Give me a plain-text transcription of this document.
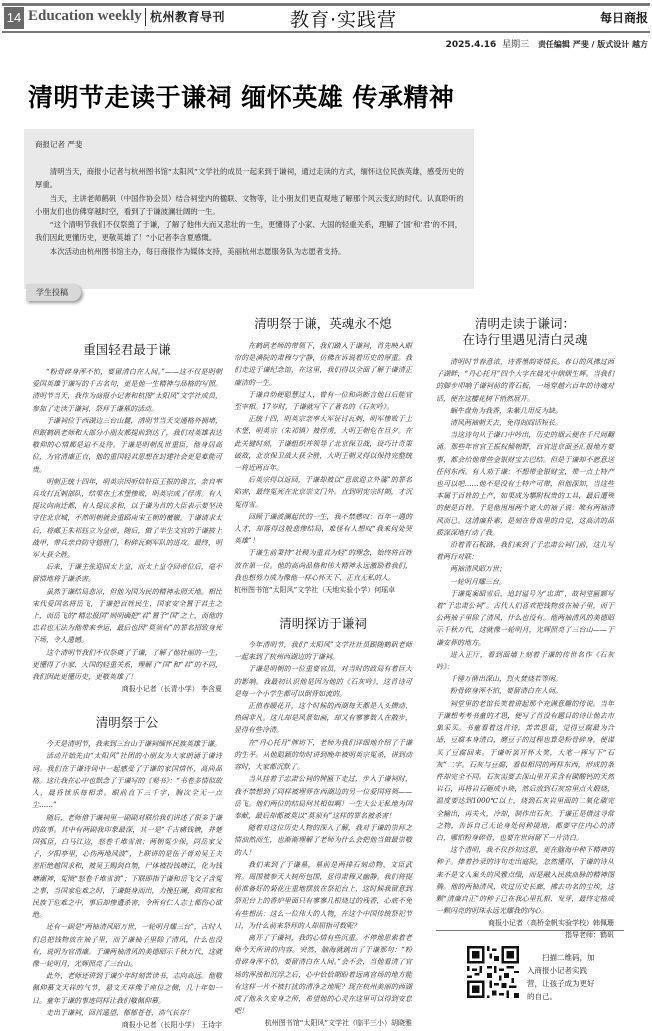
14 Education weekly 杭州教育导刊	教育·实践营	每日商报
2025.4.16 星期三 责任编辑 严斐 / 版式设计 越方
清明节走读于谦祠 缅怀英雄 传承精神
商报记者 严斐

清明当天，商报小记者与杭州图书馆“太阳风”文学社的成员一起来到于谦祠，通过走读的方式，缅怀这位民族英雄，感受历史的厚重。

当天，主讲老师鹤矾（中国作协会员）结合祠堂内的楹联、文物等，让小朋友们更直观地了解那个风云变幻的时代。认真聆听的小朋友们也仿佛穿越时空，看到了于谦波澜壮阔的一生。

“这个清明节我们不仅祭奠了于谦，了解了他伟大而又悲壮的一生，更懂得了小家、大国的轻重关系，理解了‘国’和‘君’的不同，我们因此更懂历史，更敬英雄了！”小记者李含夏感慨。

本次活动由杭州图书馆主办，每日商报作为媒体支持，美丽杭州志愿服务队为志愿者支持。

学生投稿
重国轻君最于谦

“粉骨碎身浑不怕，要留清白在人间。”——这不仅是明朝爱国英雄于谦写的千古名句，更是他一生精神与品格的写照。清明节当天，我作为商报小记者和杭图“太阳风”文学社成员，参加了走读于谦祠、祭拜于谦墓的活动。

于谦祠位于西湖边三台山麓，清明节当天交通格外拥堵，但跟鹤矾老师和大部分小朋友都提前到达了，我们对英雄表达敬仰的心情都是迫不及待。于谦是明朝乱世重臣，他身居高位，为官清廉正直，他的重国轻君思想在封建社会更是难能可贵。

明朝正统十四年，明英宗因听信奸臣王振的谗言，亲自率兵攻打瓦剌部队，结果在土木堡惨败，明英宗成了俘虏。有人提议向南迁都，有人提议求和，以于谦为首的大臣表示要坚决守住北京城，不然明朝就会重蹈南宋王朝的覆辙。于谦请求太后，将郕王朱祁钰立为皇帝。随后，做了半生文官的于谦披上战甲，带兵亲自防守德胜门，粉碎瓦剌军队的进攻。最终，明军大获全胜。

后来，于谦主张迎回太上皇，而太上皇夺回帝位后，毫不留情地将于谦杀害。

虽然于谦结局悲凉，但他为国为民的精神永照天地。相比宋代爱国名将岳飞，于谦把百姓民生、国家安全置于君主之上，而岳飞的“精忠报国”则明确把“君”置于“国”之上，而他的忠君也无法为他带来幸运，最后也因“莫须有”的罪名招致身死下场，令人遗憾。

这个清明节我们不仅祭奠了于谦，了解了他壮丽的一生，更懂得了小家、大国的轻重关系，理解了“国”和“君”的不同，我们因此更懂历史，更敬英雄了！

商报小记者（长青小学） 李含夏
清明祭于公

今天是清明节，我来到三台山于谦祠缅怀民族英雄于谦。

活动开始先由“太阳风”社团的小朋友为大家朗诵于谦诗词。我们在于谦诗词中一起感受了于谦的家国情怀，高尚品格。这让我在心中也默念了于谦写的《观书》：“书卷多情似故人，晨昏忧乐每相亲。眼前直下三千字，胸次全无一点尘……”

随后，老师借于谦祠里一副副对联给我们讲述了很多于谦的故事。其中有两副我印象最深，其一是“千古痛钱塘，并楚国孤臣，白马江边，怒卷千堆雪浪；两朝冤少保，同岳家父子，夕阳亭里，心伤两地风波”，上联讲的是伍子胥劝吴王夫差拒绝越国求和，被吴王赐剑自刎，尸体被投钱塘江，化为钱塘潮神，冤愤“怒卷千堆雪浪”；下联即指于谦和岳飞父子含冤之事，当国家危难之时，于谦挺身而出，力挽狂澜，救国家和民族于危难之中，事后却惨遭杀害，令所有仁人志士都伤心欲绝。

还有一副是“两袖清风昭万世，一轮明月耀三台”，古时人们总把钱物放在袖子里，而于谦袖子里除了清风，什么也没有，说明为官清廉。于谦两袖清风的美德昭示千秋万代，这就像一轮明月，光辉照亮了三台山。

此外，老师还讲到于谦少年时刻苦读书，志向高远。他敬佩仰慕文天祥的气节，悬文天祥像于座位之侧，几十年如一日。童年于谦的事迹同样让我们敬佩仰慕。

走出于谦祠，回首遥望，郁郁苍苍，浩气长存！

商报小记者（长阳小学） 王诗宇
清明祭于谦，英魂永不熄

在鹤矾老师的带领下，我们踏入于谦祠，首先映入眼帘的是满院的肃穆与宁静，仿佛在诉说着历史的厚重。我们走进于谦纪念馆，在这里，我们得以全面了解于谦清正廉洁的一生。

于谦自幼便聪慧过人，曾有一位和尚断言他日后能官至宰相。17岁时，于谦就写下了著名的《石灰吟》。

正统十四，明英宗亲率大军征讨瓦剌，明军惨败于土木堡，明英宗（朱祁镇）被俘虏，大明王朝危在旦夕。在此关键时刻，于谦组织并领导了北京保卫战，设巧计奇策破敌，北京保卫战大获全胜，大明王朝又得以保持完整统一将近两百年。

后英宗得以返回，于谦却被以“意欲迎立外藩”的罪名陷害，最终冤死在北京崇文门外。直到明宪宗时期，才沉冤得雪。

回顾于谦波澜起伏的一生，我不禁感叹：百年一遇的人才，却落得这般悲惨结局，难怪有人想叹“我来何处哭英雄”！

于谦生前秉持“社稷为重君为轻”的理念，始终将百姓放在第一位。他的高尚品格和伟大精神永远激励着我们，我也想努力成为像他一样心怀天下、正直无私的人。

杭州图书馆“太阳风”文学社（天地实验小学）何瑶卓
清明探访于谦祠

今年清明节，我们“太阳风”文学社社员跟随鹤矾老师一起来到了杭州西湖边的于谦祠。

于谦是明朝的一位重要官员，对当时的政局有着巨大的影响。我最初认识他是因为他的《石灰吟》，这首诗可是每一个小学生都可以倒背如流的。

正值春暖花开，这个时候的西湖每天都是人头攒动、热闹非凡。这儿却是风景如画，却又有寥寥数人在散步，显得有些冷清。

在“丹心托月”牌坊下，老师为我们详细地介绍了于谦的生平。从他聪颖的幼时讲到晚年被明英宗冤杀，讲到动容时，大家都沉默了。

当从挂着于忠肃公祠的牌匾下走过，步入于谦祠时，我不禁想到了同样被埋葬在西湖边的另一位爱国将领——岳飞。他们两位的结局何其相似啊！一生大公无私地为国奉献，最后却都被莫以“莫须有”这样的罪名被杀害！

随着对这位历史人物的深入了解，我对于谦的崇拜之情油然而生，也渐渐理解了老师为什么会把他当做最崇敬的人！

我们来到了于谦墓，墓前是两排石刻动物、文臣武将。周围被参天大树所包围，显得肃穆又幽静。我们将提前准备好的菊花庄重地摆放在祭祀台上，这时候我留意到祭祀台上的香炉里面只有寥寥几根烧过的残香，心底不免有些想法：这么一位伟大的人物，在这个中国传统祭祀节日，为什么前来祭拜的人却屈指可数呢？

离开了于谦祠，我的心情有些沉重。不停地思索着老师今天所讲的内容。突然，脑海就跳出了于谦那句：“粉骨碎身浑不怕，要留清白在人间。”会不会，当他看清了官场的浑浊和沉浮之后，心中恰恰期盼着远离官场的地方能有这样一片不被打扰的清净之地呢？现在杭州美丽的西湖成了他永久安身之所，希望他的心灵在这里可以得到安息吧！

杭州图书馆“太阳风”文学社（临平三小）胡晓雅
清明走读于谦词：
在诗行里遇见清白灵魂

清明时节春意浓，诗香墨韵寄情长。春日的风拂过西子湖畔，“丹心托月”四个大字在晨光中熠熠生辉。当我们的脚步叩响于谦祠前的青石板，一场穿越六百年的诗魂对话，便在这樱花树下悄然展开。

蜗牛盘角为我香，朱紫几用反为缺。

清风两袖朝天去，免得闾阎话短长。

当这诗句从于谦口中吟出，历史的烟云便在千尺间翻涌。那些年宦官王振权倾朝野，百官进京面圣汇报地方要事，都会给他带些金银财宝去巴结。但是于谦却不愿意送任何东西。有人劝于谦：不想带金银财宝，带一点土特产也可以吧……他不是没有土特产可带，但他深知，当这些本属于百姓的土产，如果成为攀附权贵的工具，最后遭殃的便是百姓。于是他甩甩两个宽大的袖子说：唯有两袖清风而已。这清廉朴素，是刻在骨血里的自觉，这高洁的品质深深地打动了我。

沿着青石板路，我们来到了于忠肃公祠门前，这儿写着两行对联：

两袖清风昭万世；

一轮明月耀三台。

于谦冤案昭雪后，追封谥号为“忠肃”，故祠堂匾额写着“于忠肃公祠”。古代人们喜欢把钱物放在袖子里，而于公两袖子里除了清风，什么也没有。他两袖清风的美德昭示千秋万代，这就像一轮明月，光辉照亮了三台山——于谦安葬的地方。

进入正厅，看到面墙上刻着于谦的传世名作《石灰吟》：

千锤万凿出深山，烈火焚烧若等闲。

粉骨碎身浑不怕，要留清白在人间。

祠堂里的老馆长笑着讲起那个充满意趣的传说。当年于谦想考考书童的才思，便写了首没有题目的诗让他去市集采买。书童看着这首诗，苦苦思量，觉得豆腐最为合适，豆腐本身清白，磨豆子的过程也算是粉骨碎身，便谋买了豆腐回来。于谦听罢开怀大笑，大笔一挥写下“石灰”二字。石灰与豆腐，看似相同的两样东西，形成的条件却完全不同。石灰需要去深山里开采含有碳酸钙的天然岩石，再将岩石砸成小块，然后放到石灰窑里点火煅烧，温度要达到1000℃以上，烧到石灰岩里面的二氧化碳完全输出，再关火，冷却，制作出石灰。于谦正是借这寻常之物，告诉自己无论身处何种境地，都要守住内心的清白，哪怕粉身碎骨，也要在世间留下一片洁白。

这个清明，我不仅抄初这思，更在脑海中种下精神的种子。捧着抄录的诗句走出庭院，忽然懂得，于谦的诗从来不是文人案头的风雅点缀，而是融入民族血脉的精神图腾。他的两袖清风，吹过历史长廊，拂去功名的尘埃，这颗“清廉自正”的种子已在我心里扎根、发芽，最终定格成一颗闪亮的明珠永远光耀我的内心。

商报小记者（高桥金帆实验学校）韩佩珊
指导老师：鹤矾
扫描二维码，加入商报小记者实践营，让孩子成为更好的自己。
